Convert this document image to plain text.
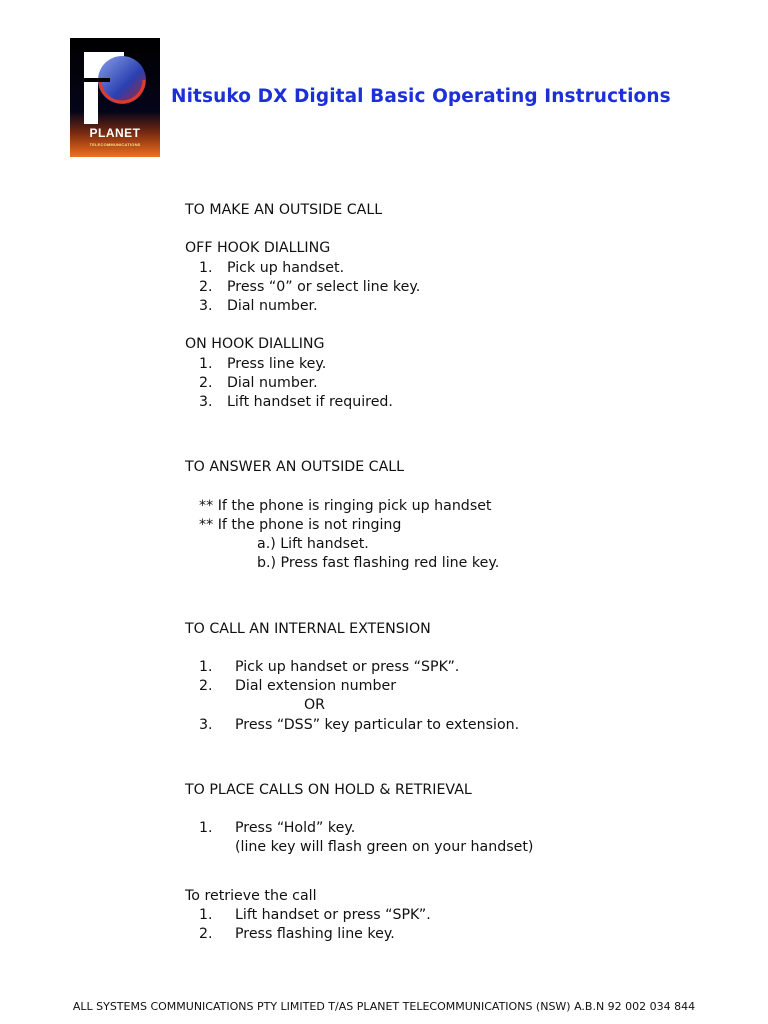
PLANET
TELECOMMUNICATIONS
Nitsuko DX Digital Basic Operating Instructions
TO MAKE AN OUTSIDE CALL
OFF HOOK DIALLING
1. Pick up handset.
2. Press “0” or select line key.
3. Dial number.
ON HOOK DIALLING
1. Press line key.
2. Dial number.
3. Lift handset if required.
TO ANSWER AN OUTSIDE CALL
** If the phone is ringing pick up handset
** If the phone is not ringing
a.) Lift handset.
b.) Press fast flashing red line key.
TO CALL AN INTERNAL EXTENSION
1. Pick up handset or press “SPK”.
2. Dial extension number
OR
3. Press “DSS” key particular to extension.
TO PLACE CALLS ON HOLD & RETRIEVAL
1. Press “Hold” key.
(line key will flash green on your handset)
To retrieve the call
1. Lift handset or press “SPK”.
2. Press flashing line key.
ALL SYSTEMS COMMUNICATIONS PTY LIMITED T/AS PLANET TELECOMMUNICATIONS (NSW) A.B.N 92 002 034 844
